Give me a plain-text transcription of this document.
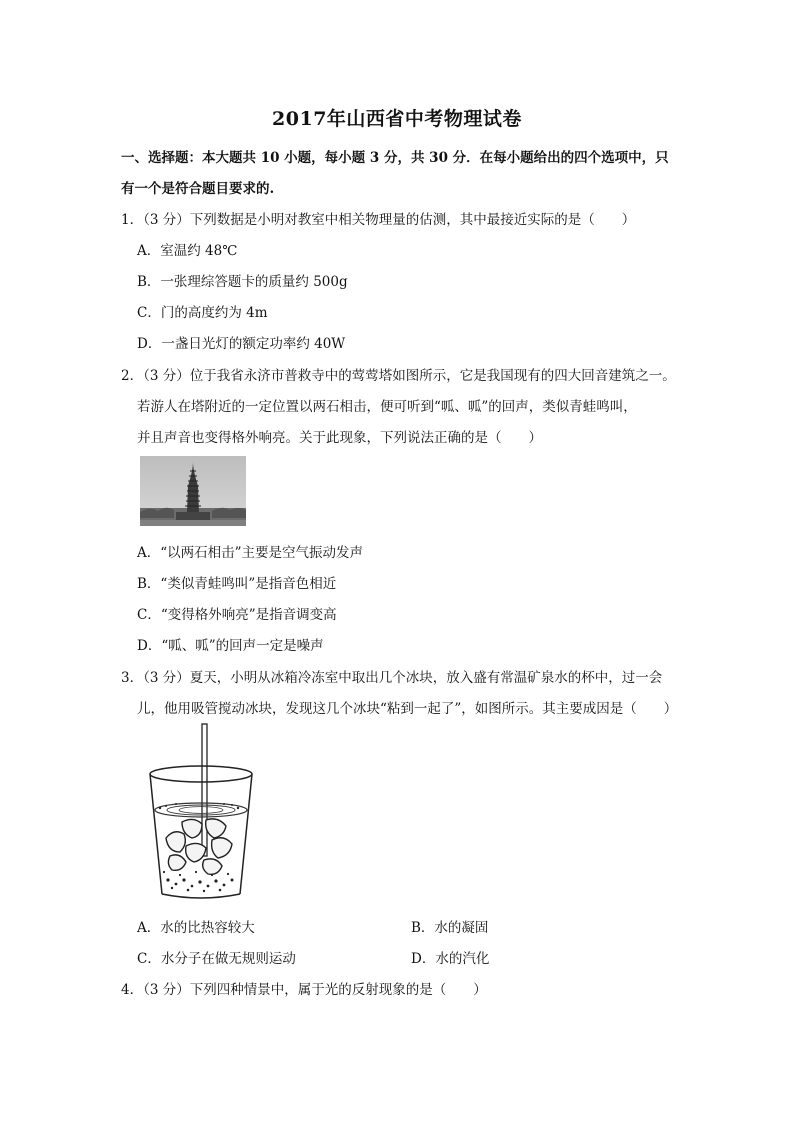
2017年山西省中考物理试卷
一、选择题：本大题共 10 小题，每小题 3 分，共 30 分．在每小题给出的四个选项中，只
有一个是符合题目要求的.
1．（3 分）下列数据是小明对教室中相关物理量的估测，其中最接近实际的是（　　）
A．室温约 48℃
B．一张理综答题卡的质量约 500g
C．门的高度约为 4m
D．一盏日光灯的额定功率约 40W
2．（3 分）位于我省永济市普救寺中的莺莺塔如图所示，它是我国现有的四大回音建筑之一。
若游人在塔附近的一定位置以两石相击，便可听到“呱、呱”的回声，类似青蛙鸣叫，
并且声音也变得格外响亮。关于此现象，下列说法正确的是（　　）
A．“以两石相击”主要是空气振动发声
B．“类似青蛙鸣叫”是指音色相近
C．“变得格外响亮”是指音调变高
D．“呱、呱”的回声一定是噪声
3．（3 分）夏天，小明从冰箱冷冻室中取出几个冰块，放入盛有常温矿泉水的杯中，过一会
儿，他用吸管搅动冰块，发现这几个冰块“粘到一起了”，如图所示。其主要成因是（　　）
A．水的比热容较大	B．水的凝固
C．水分子在做无规则运动	D．水的汽化
4．（3 分）下列四种情景中，属于光的反射现象的是（　　）
